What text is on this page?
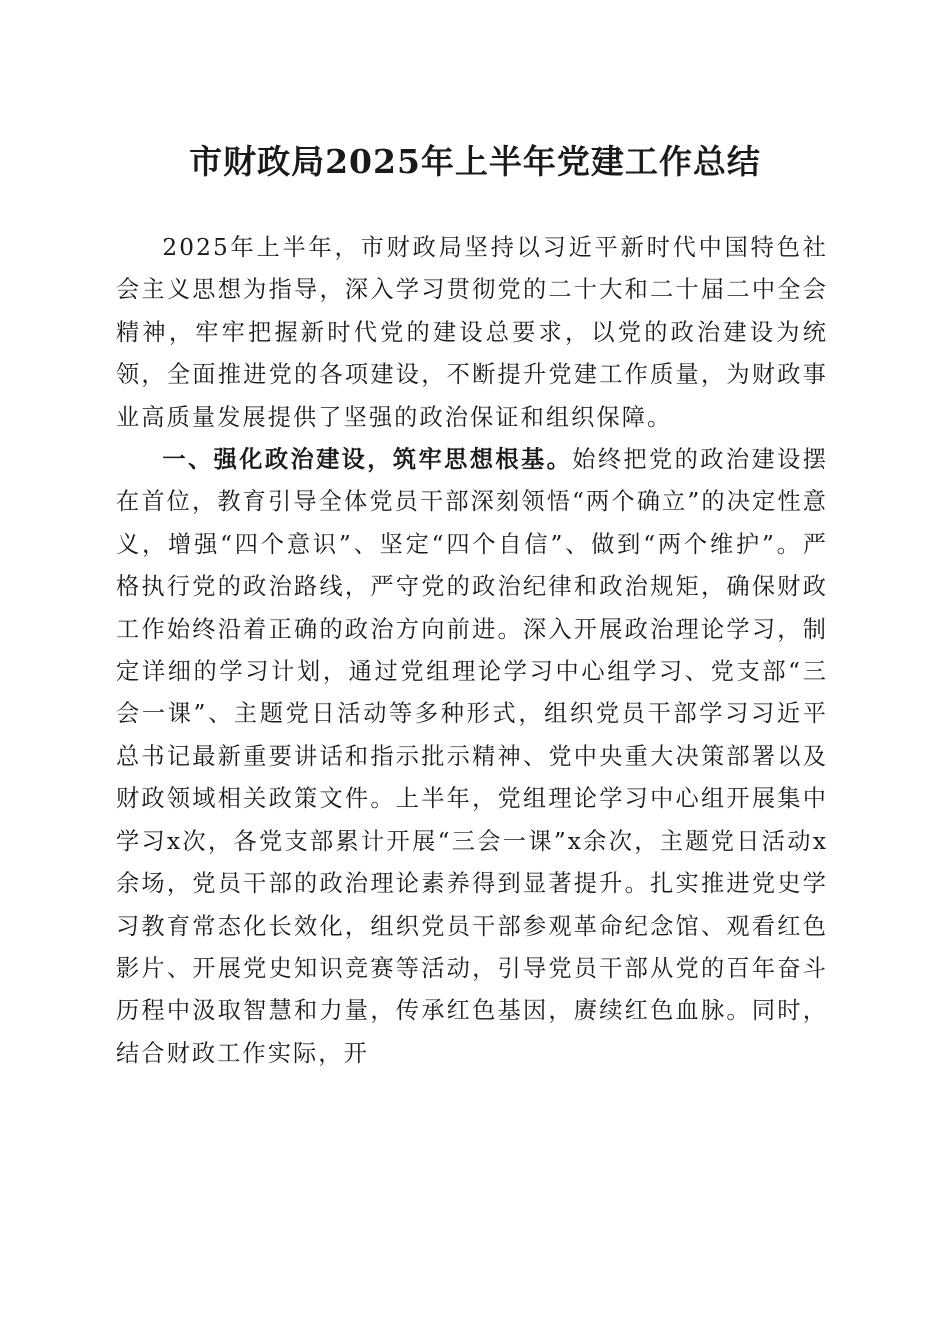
市财政局2025年上半年党建工作总结

2025年上半年，市财政局坚持以习近平新时代中国特色社会主义思想为指导，深入学习贯彻党的二十大和二十届二中全会精神，牢牢把握新时代党的建设总要求，以党的政治建设为统领，全面推进党的各项建设，不断提升党建工作质量，为财政事业高质量发展提供了坚强的政治保证和组织保障。

一、强化政治建设，筑牢思想根基。始终把党的政治建设摆在首位，教育引导全体党员干部深刻领悟“两个确立”的决定性意义，增强“四个意识”、坚定“四个自信”、做到“两个维护”。严格执行党的政治路线，严守党的政治纪律和政治规矩，确保财政工作始终沿着正确的政治方向前进。深入开展政治理论学习，制定详细的学习计划，通过党组理论学习中心组学习、党支部“三会一课”、主题党日活动等多种形式，组织党员干部学习习近平总书记最新重要讲话和指示批示精神、党中央重大决策部署以及财政领域相关政策文件。上半年，党组理论学习中心组开展集中学习x次，各党支部累计开展“三会一课”x余次，主题党日活动x余场，党员干部的政治理论素养得到显著提升。扎实推进党史学习教育常态化长效化，组织党员干部参观革命纪念馆、观看红色影片、开展党史知识竞赛等活动，引导党员干部从党的百年奋斗历程中汲取智慧和力量，传承红色基因，赓续红色血脉。同时，结合财政工作实际，开
